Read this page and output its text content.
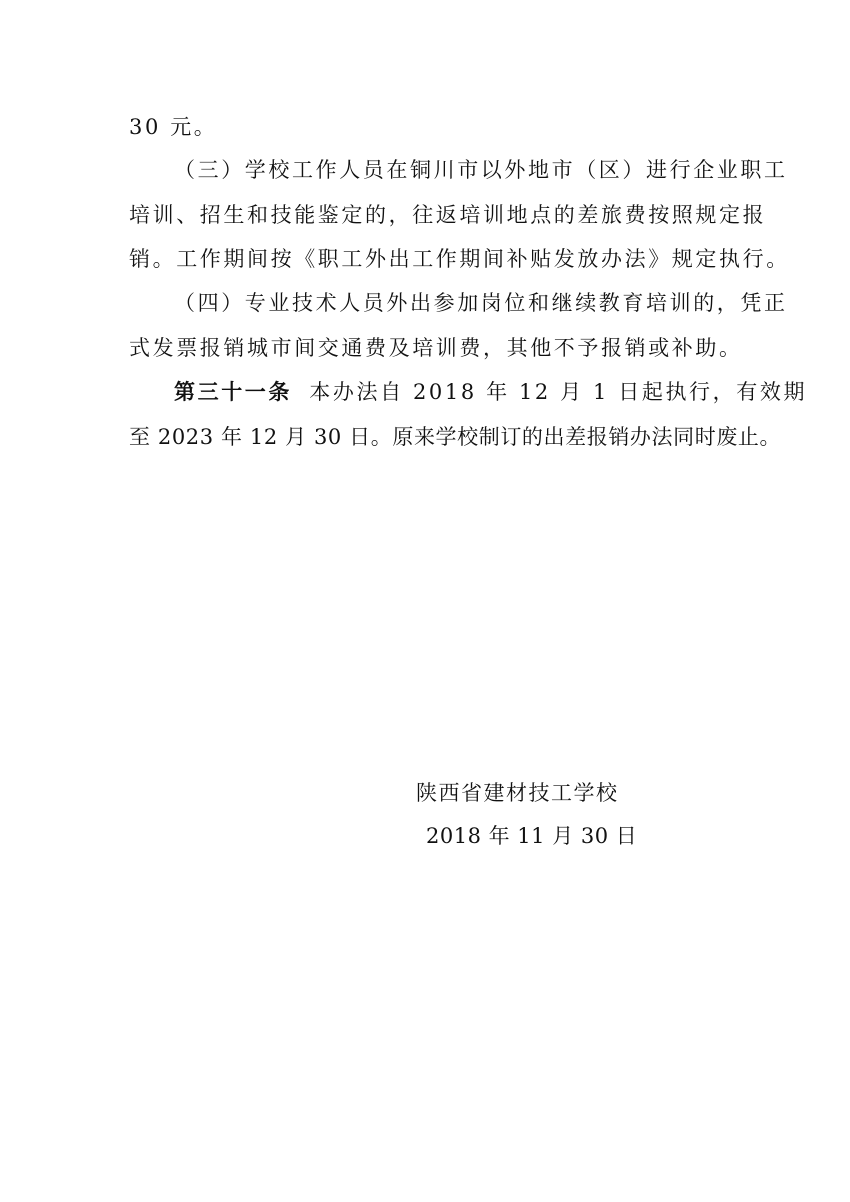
30 元。
（三）学校工作人员在铜川市以外地市（区）进行企业职工
培训、招生和技能鉴定的，往返培训地点的差旅费按照规定报
销。工作期间按《职工外出工作期间补贴发放办法》规定执行。
（四）专业技术人员外出参加岗位和继续教育培训的，凭正
式发票报销城市间交通费及培训费，其他不予报销或补助。
第三十一条 本办法自 2018 年 12 月 1 日起执行，有效期
至 2023 年 12 月 30 日。原来学校制订的出差报销办法同时废止。
陕西省建材技工学校
2018 年 11 月 30 日
